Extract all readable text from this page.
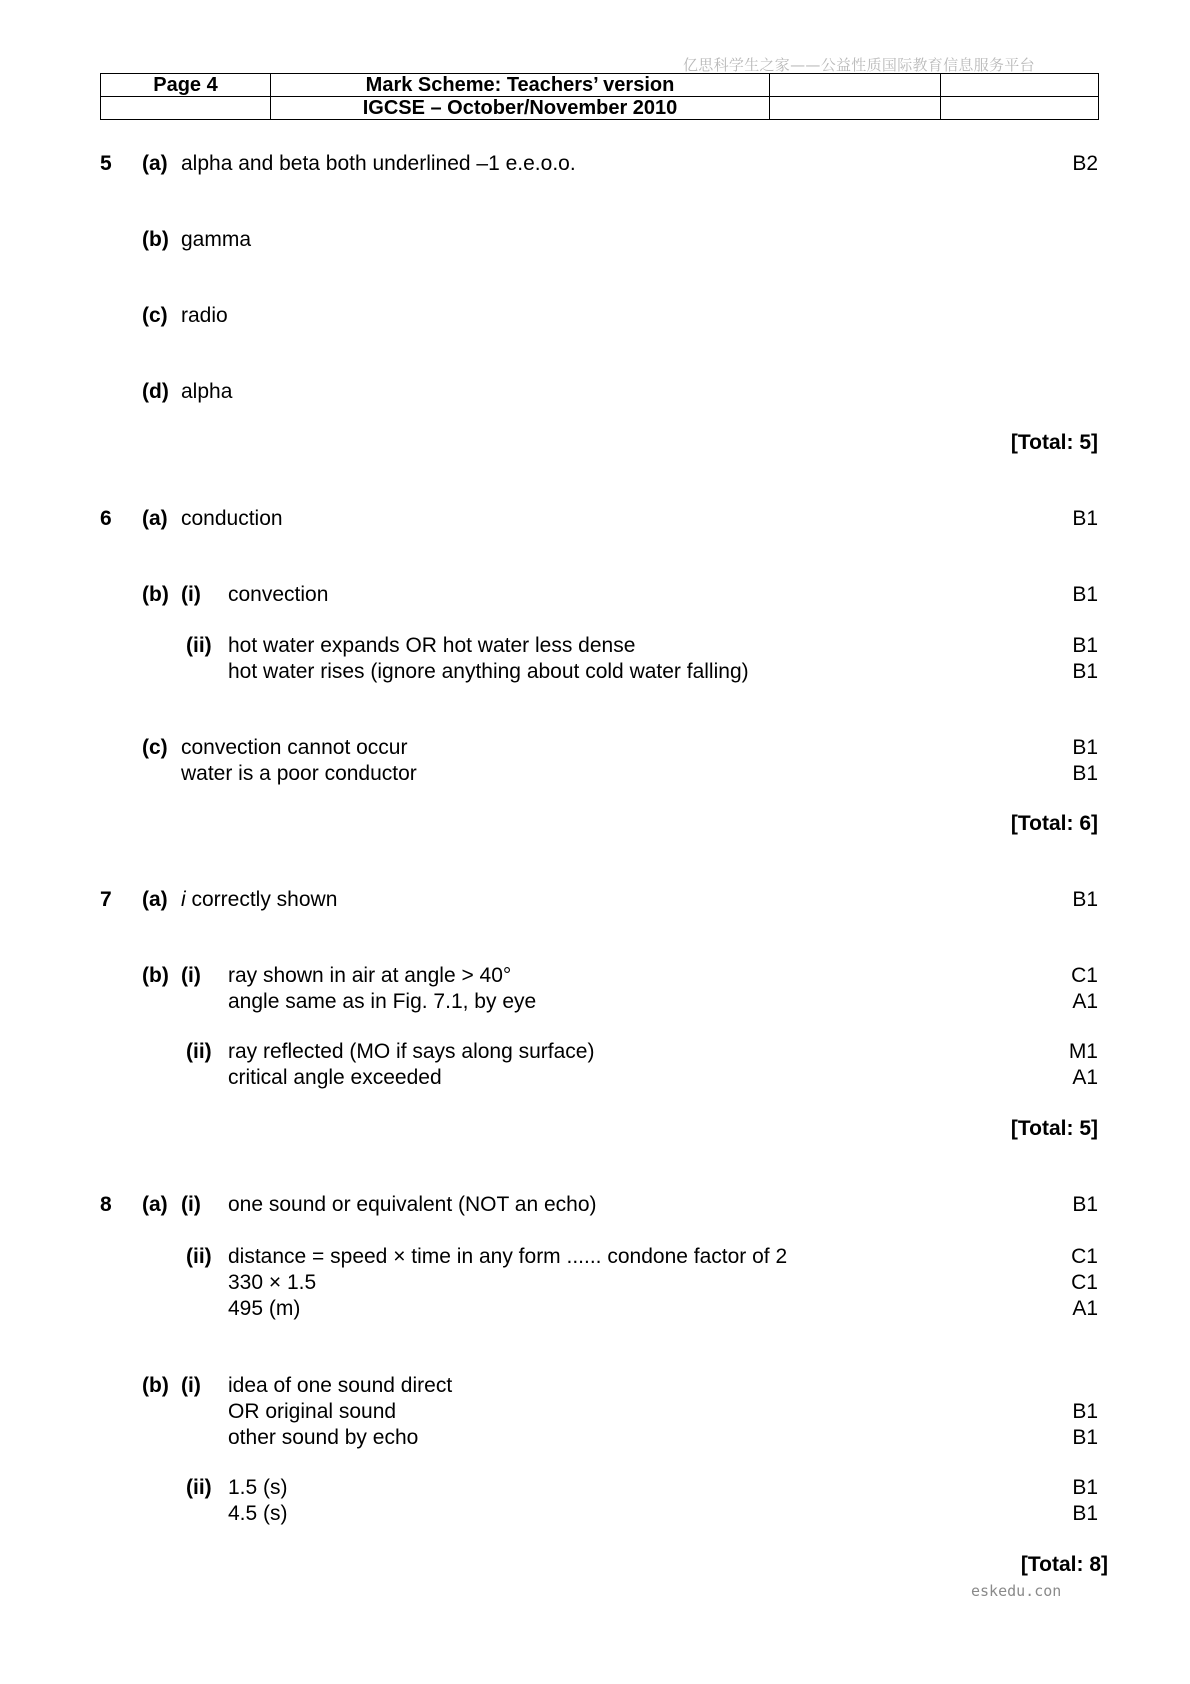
亿思科学生之家——公益性质国际教育信息服务平台
Page 4	Mark Scheme: Teachers’ version		
	IGCSE – October/November 2010		
5 (a) alpha and beta both underlined –1 e.e.o.o.	B2
(b) gamma
(c) radio
(d) alpha
[Total: 5]
6 (a) conduction	B1
(b) (i) convection	B1
(ii) hot water expands OR hot water less dense	B1
hot water rises (ignore anything about cold water falling)	B1
(c) convection cannot occur	B1
water is a poor conductor	B1
[Total: 6]
7 (a) i correctly shown	B1
(b) (i) ray shown in air at angle > 40°	C1
angle same as in Fig. 7.1, by eye	A1
(ii) ray reflected (MO if says along surface)	M1
critical angle exceeded	A1
[Total: 5]
8 (a) (i) one sound or equivalent (NOT an echo)	B1
(ii) distance = speed × time in any form ...... condone factor of 2	C1
330 × 1.5	C1
495 (m)	A1
(b) (i) idea of one sound direct
OR original sound	B1
other sound by echo	B1
(ii) 1.5 (s)	B1
4.5 (s)	B1
[Total: 8]
eskedu.con
